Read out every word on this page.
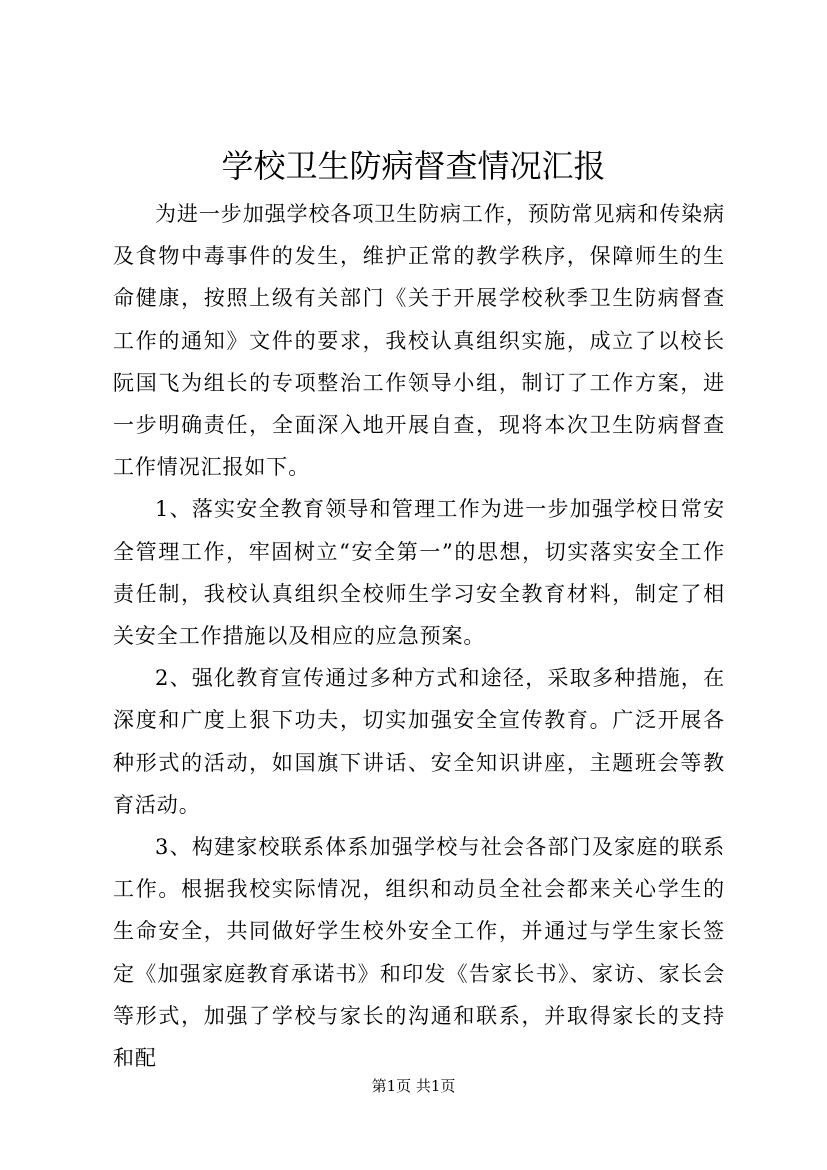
学校卫生防病督查情况汇报

为进一步加强学校各项卫生防病工作，预防常见病和传染病及食物中毒事件的发生，维护正常的教学秩序，保障师生的生命健康，按照上级有关部门《关于开展学校秋季卫生防病督查工作的通知》文件的要求，我校认真组织实施，成立了以校长阮国飞为组长的专项整治工作领导小组，制订了工作方案，进一步明确责任，全面深入地开展自查，现将本次卫生防病督查工作情况汇报如下。

1、落实安全教育领导和管理工作为进一步加强学校日常安全管理工作，牢固树立“安全第一”的思想，切实落实安全工作责任制，我校认真组织全校师生学习安全教育材料，制定了相关安全工作措施以及相应的应急预案。

2、强化教育宣传通过多种方式和途径，采取多种措施，在深度和广度上狠下功夫，切实加强安全宣传教育。广泛开展各种形式的活动，如国旗下讲话、安全知识讲座，主题班会等教育活动。

3、构建家校联系体系加强学校与社会各部门及家庭的联系工作。根据我校实际情况，组织和动员全社会都来关心学生的生命安全，共同做好学生校外安全工作，并通过与学生家长签定《加强家庭教育承诺书》和印发《告家长书》、家访、家长会等形式，加强了学校与家长的沟通和联系，并取得家长的支持和配

第1页 共1页
